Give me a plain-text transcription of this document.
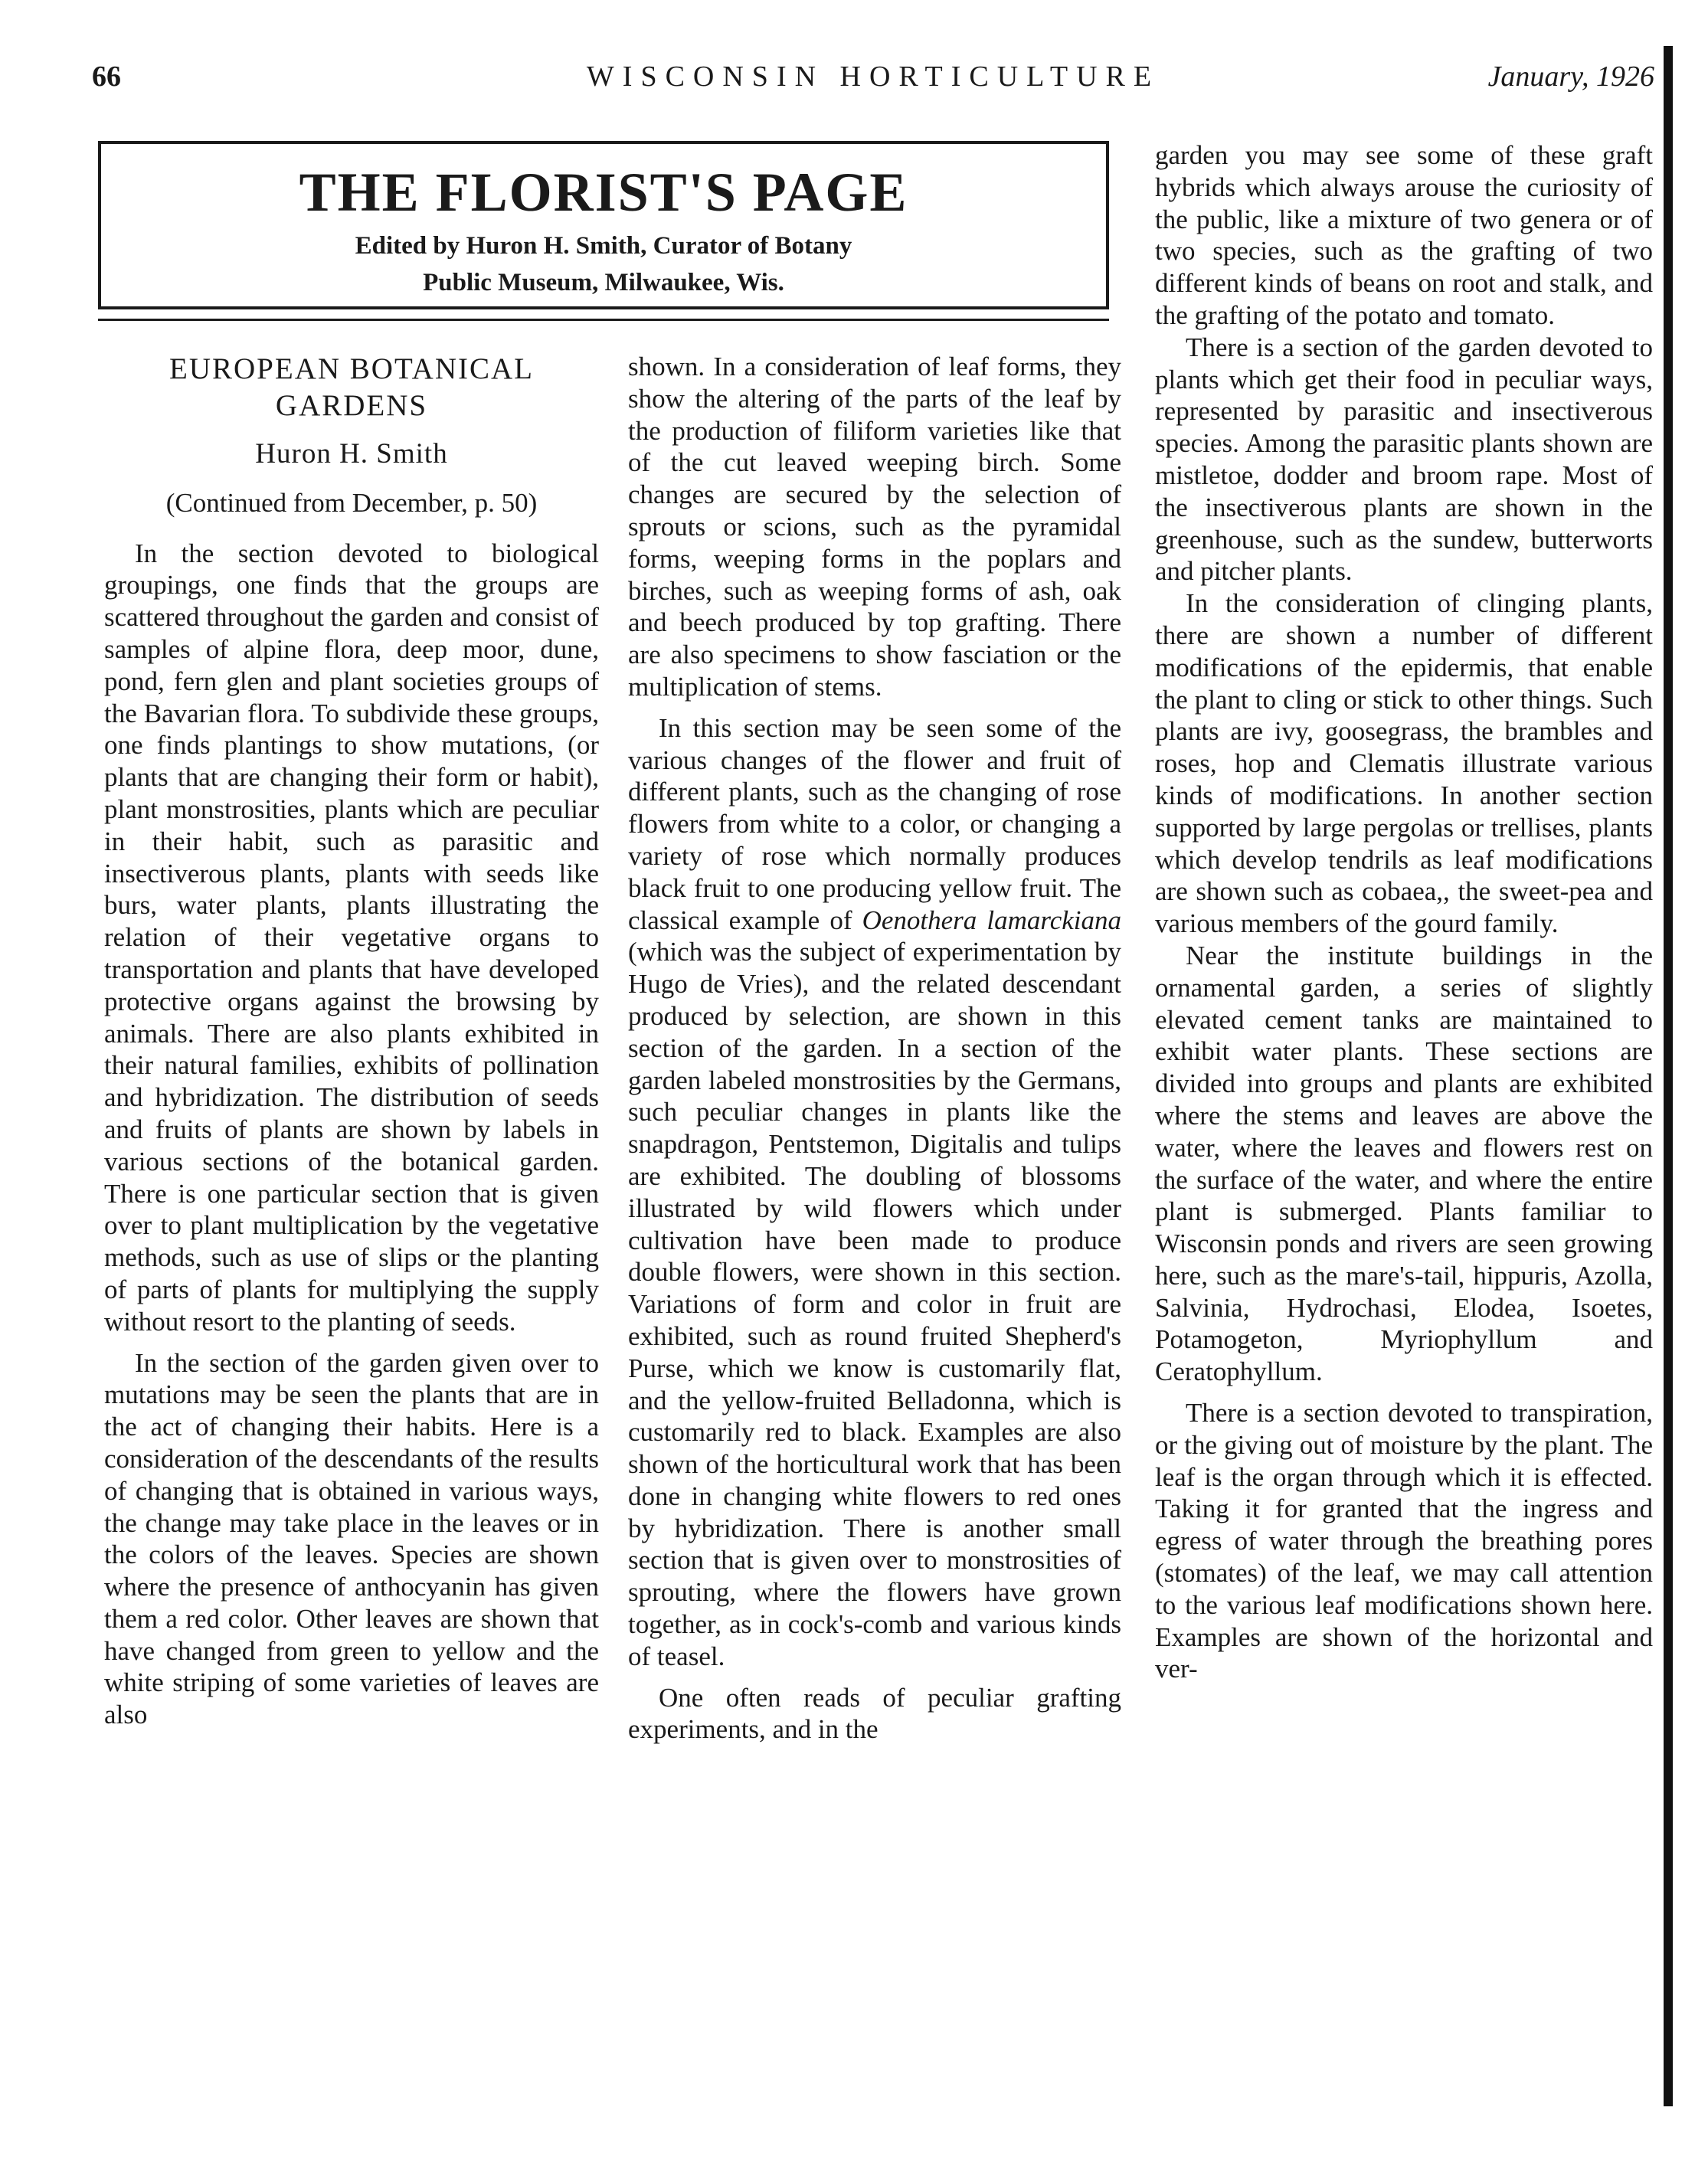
WISCONSIN HORTICULTURE
66	January, 1926
THE FLORIST'S PAGE
Edited by Huron H. Smith, Curator of Botany
Public Museum, Milwaukee, Wis.
EUROPEAN BOTANICAL GARDENS
Huron H. Smith
(Continued from December, p. 50)

In the section devoted to biological groupings, one finds that the groups are scattered throughout the garden and consist of samples of alpine flora, deep moor, dune, pond, fern glen and plant societies groups of the Bavarian flora. To subdivide these groups, one finds plantings to show mutations, (or plants that are changing their form or habit), plant monstrosities, plants which are peculiar in their habit, such as parasitic and insectiverous plants, plants with seeds like burs, water plants, plants illustrating the relation of their vegetative organs to transportation and plants that have developed protective organs against the browsing by animals. There are also plants exhibited in their natural families, exhibits of pollination and hybridization. The distribution of seeds and fruits of plants are shown by labels in various sections of the botanical garden. There is one particular section that is given over to plant multiplication by the vegetative methods, such as use of slips or the planting of parts of plants for multiplying the supply without resort to the planting of seeds.

In the section of the garden given over to mutations may be seen the plants that are in the act of changing their habits. Here is a consideration of the descendants of the results of changing that is obtained in various ways, the change may take place in the leaves or in the colors of the leaves. Species are shown where the presence of anthocyanin has given them a red color. Other leaves are shown that have changed from green to yellow and the white striping of some varieties of leaves are also

shown. In a consideration of leaf forms, they show the altering of the parts of the leaf by the production of filiform varieties like that of the cut leaved weeping birch. Some changes are secured by the selection of sprouts or scions, such as the pyramidal forms, weeping forms in the poplars and birches, such as weeping forms of ash, oak and beech produced by top grafting. There are also specimens to show fasciation or the multiplication of stems.

In this section may be seen some of the various changes of the flower and fruit of different plants, such as the changing of rose flowers from white to a color, or changing a variety of rose which normally produces black fruit to one producing yellow fruit. The classical example of Oenothera lamarckiana (which was the subject of experimentation by Hugo de Vries), and the related descendant produced by selection, are shown in this section of the garden. In a section of the garden labeled monstrosities by the Germans, such peculiar changes in plants like the snapdragon, Pentstemon, Digitalis and tulips are exhibited. The doubling of blossoms illustrated by wild flowers which under cultivation have been made to produce double flowers, were shown in this section. Variations of form and color in fruit are exhibited, such as round fruited Shepherd's Purse, which we know is customarily flat, and the yellow-fruited Belladonna, which is customarily red to black. Examples are also shown of the horticultural work that has been done in changing white flowers to red ones by hybridization. There is another small section that is given over to monstrosities of sprouting, where the flowers have grown together, as in cock's-comb and various kinds of teasel.

One often reads of peculiar grafting experiments, and in the

garden you may see some of these graft hybrids which always arouse the curiosity of the public, like a mixture of two genera or of two species, such as the grafting of two different kinds of beans on root and stalk, and the grafting of the potato and tomato.

There is a section of the garden devoted to plants which get their food in peculiar ways, represented by parasitic and insectiverous species. Among the parasitic plants shown are mistletoe, dodder and broom rape. Most of the insectiverous plants are shown in the greenhouse, such as the sundew, butterworts and pitcher plants.

In the consideration of clinging plants, there are shown a number of different modifications of the epidermis, that enable the plant to cling or stick to other things. Such plants are ivy, goosegrass, the brambles and roses, hop and Clematis illustrate various kinds of modifications. In another section supported by large pergolas or trellises, plants which develop tendrils as leaf modifications are shown such as cobaea,, the sweet-pea and various members of the gourd family.

Near the institute buildings in the ornamental garden, a series of slightly elevated cement tanks are maintained to exhibit water plants. These sections are divided into groups and plants are exhibited where the stems and leaves are above the water, where the leaves and flowers rest on the surface of the water, and where the entire plant is submerged. Plants familiar to Wisconsin ponds and rivers are seen growing here, such as the mare's-tail, hippuris, Azolla, Salvinia, Hydrochasi, Elodea, Isoetes, Potamogeton, Myriophyllum and Ceratophyllum.

There is a section devoted to transpiration, or the giving out of moisture by the plant. The leaf is the organ through which it is effected. Taking it for granted that the ingress and egress of water through the breathing pores (stomates) of the leaf, we may call attention to the various leaf modifications shown here. Examples are shown of the horizontal and ver-
